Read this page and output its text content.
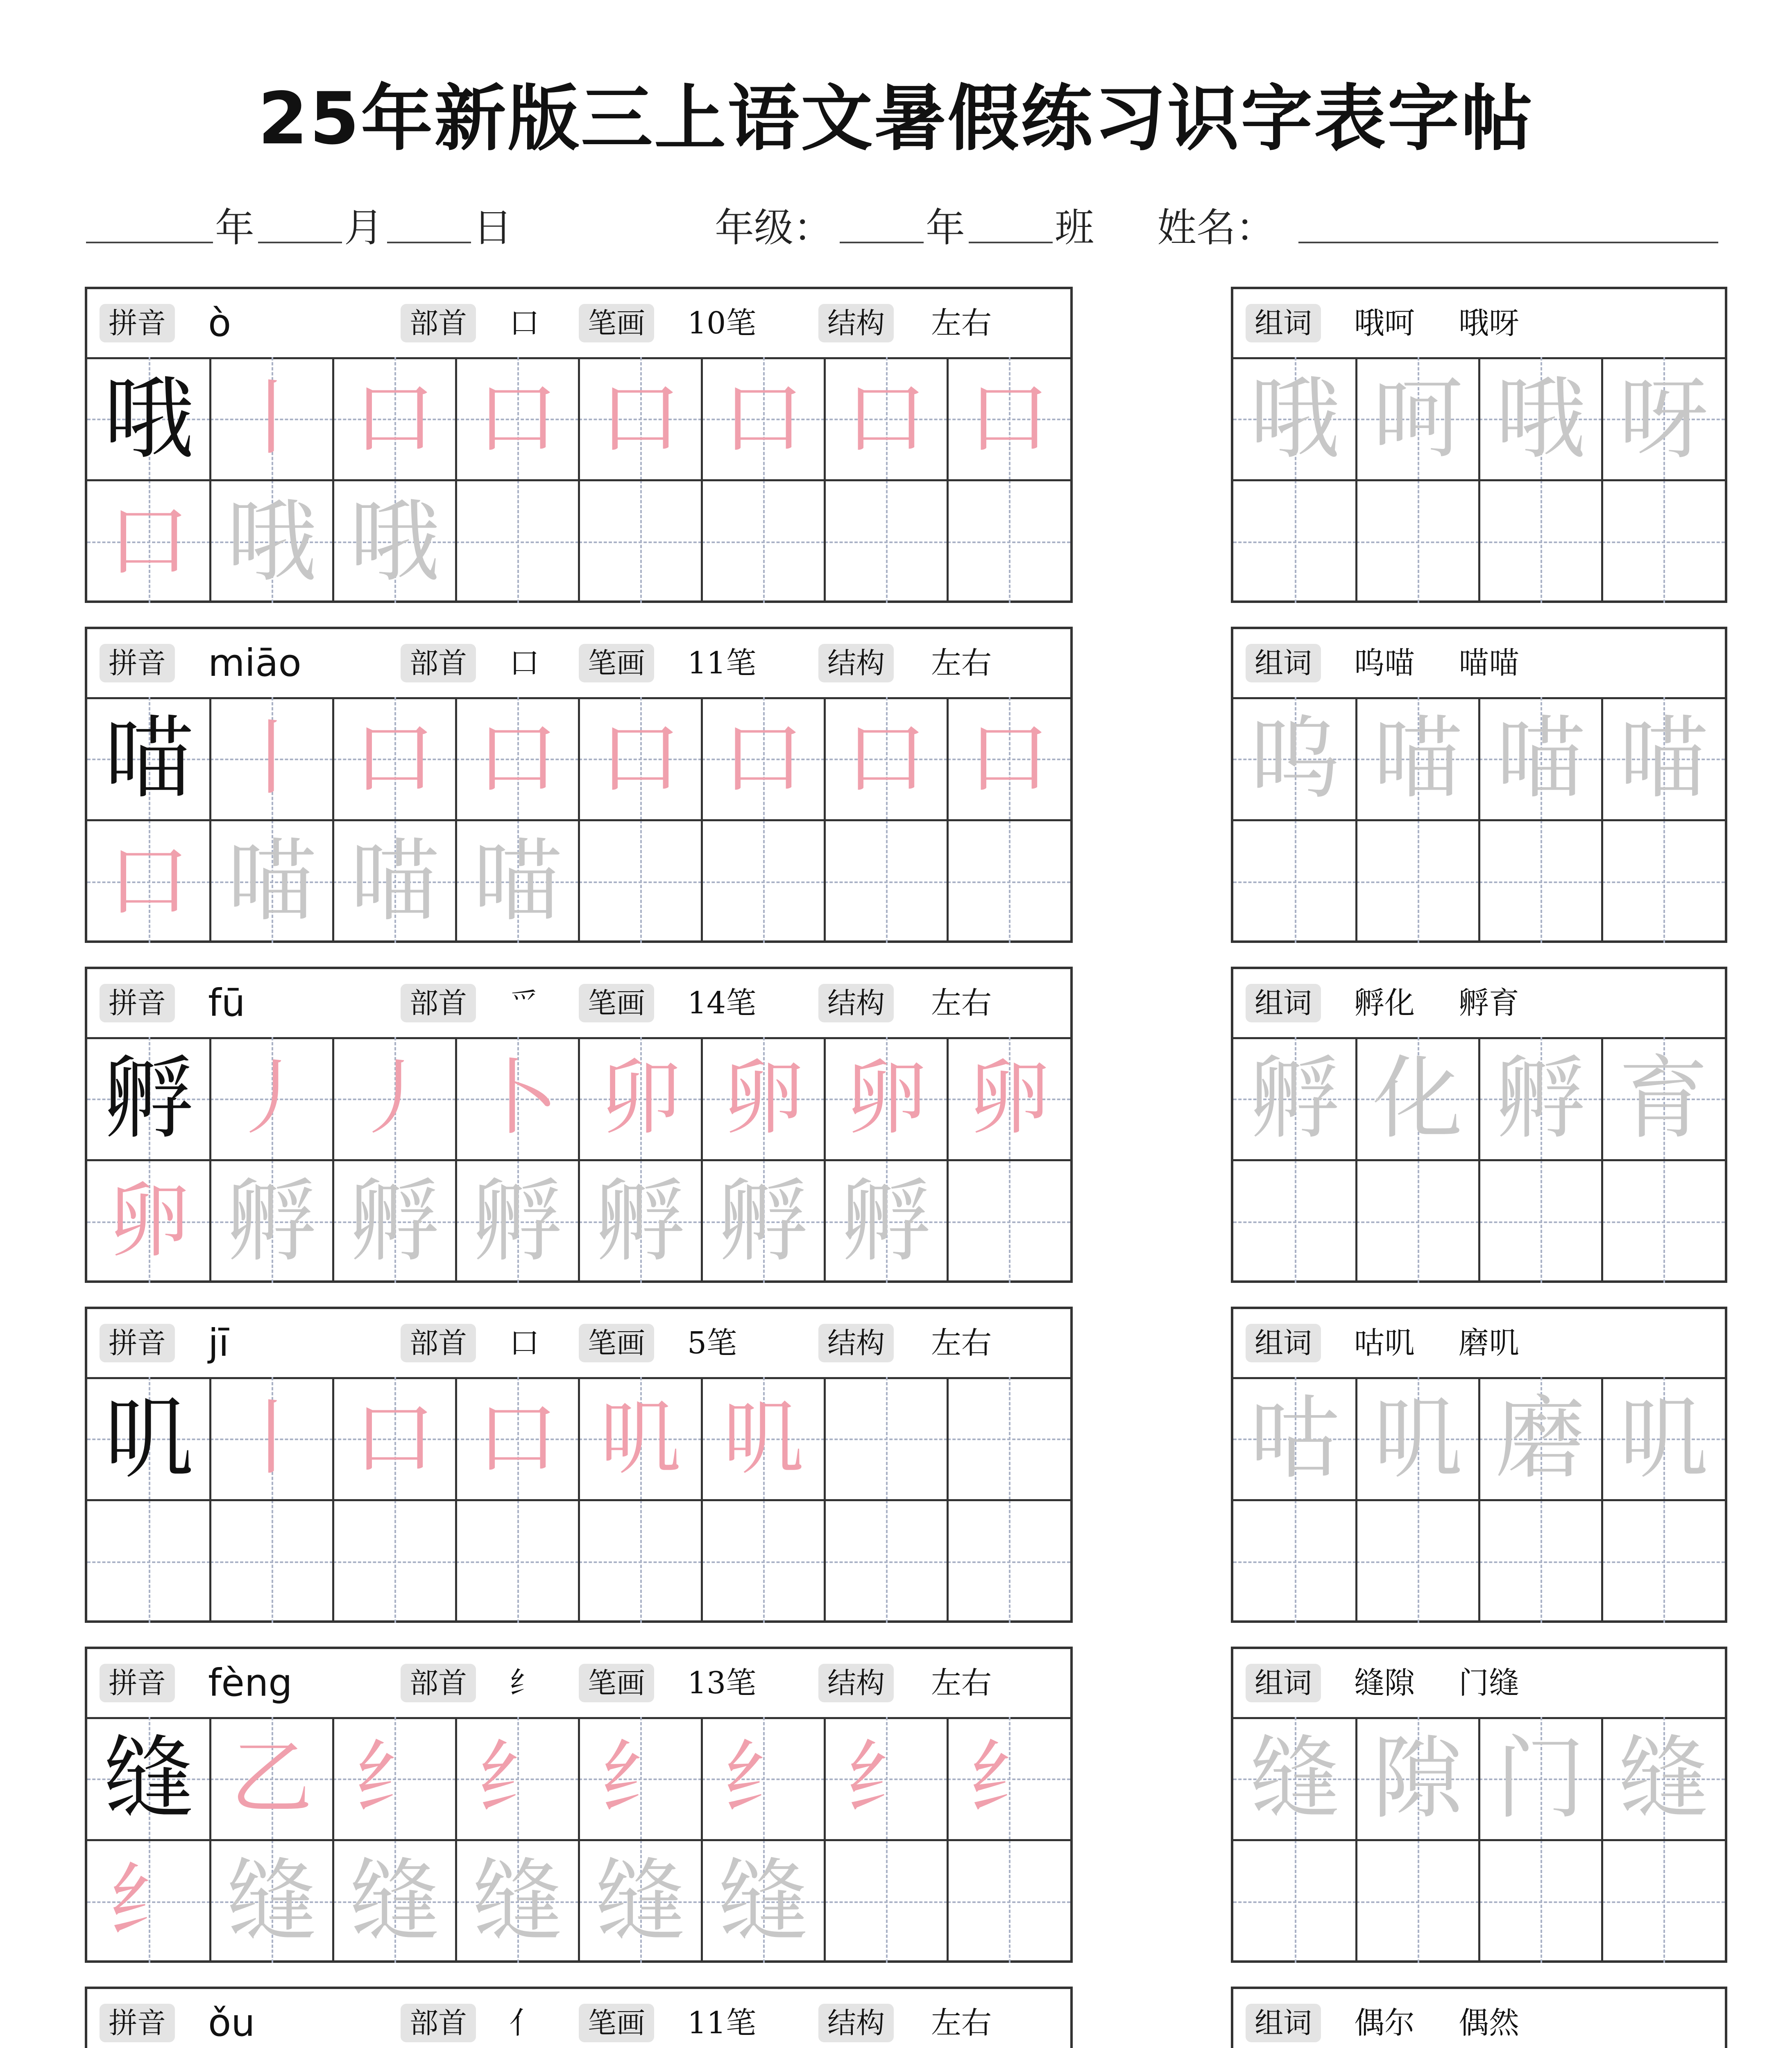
25年新版三上语文暑假练习识字表字帖
年 月 日	年级： 年 班 姓名：
拼音 ò	部首 口	笔画 10笔	结构 左右
哦 丨 口 口 口 口 口 口
口 哦 哦
组词 哦呵 哦呀
哦 呵 哦 呀
拼音 miāo	部首 口	笔画 11笔	结构 左右
喵 丨 口 口 口 口 口 口
口 喵 喵 喵
组词 呜喵 喵喵
呜 喵 喵 喵
拼音 fū	部首 爫	笔画 14笔	结构 左右
孵 丿 丿 卜 卯 卵 卵 卵
卵 孵 孵 孵 孵 孵 孵
组词 孵化 孵育
孵 化 孵 育
拼音 jī	部首 口	笔画 5笔	结构 左右
叽 丨 口 口 叽 叽
组词 咕叽 磨叽
咕 叽 磨 叽
拼音 fèng	部首 纟	笔画 13笔	结构 左右
缝 乙 纟 纟 纟 纟 纟 纟
纟 缝 缝 缝 缝 缝
组词 缝隙 门缝
缝 隙 门 缝
拼音 ǒu	部首 亻	笔画 11笔	结构 左右	组词 偶尔 偶然
